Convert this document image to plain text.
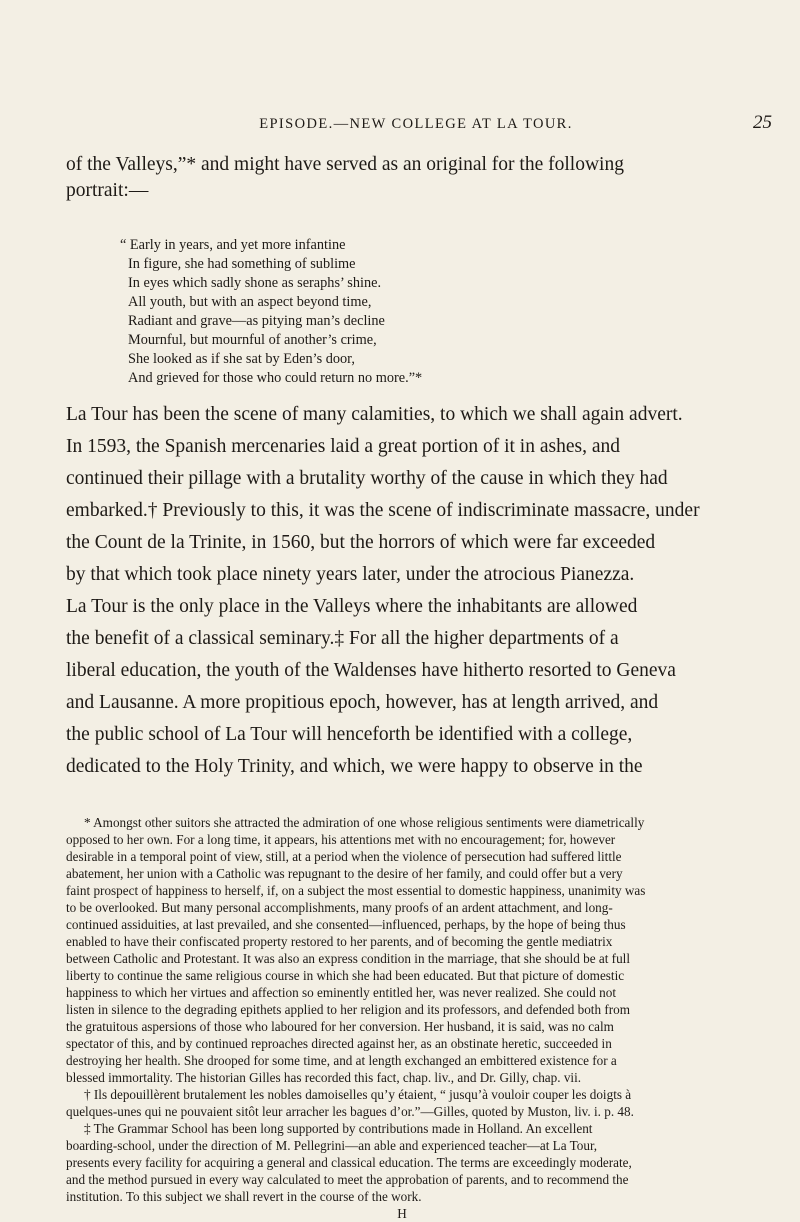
EPISODE.—NEW COLLEGE AT LA TOUR.	25
of the Valleys,”* and might have served as an original for the following
portrait:—
“ Early in years, and yet more infantine
In figure, she had something of sublime
In eyes which sadly shone as seraphs’ shine.
All youth, but with an aspect beyond time,
Radiant and grave—as pitying man’s decline
Mournful, but mournful of another’s crime,
She looked as if she sat by Eden’s door,
And grieved for those who could return no more.”*
La Tour has been the scene of many calamities, to which we shall again advert.
In 1593, the Spanish mercenaries laid a great portion of it in ashes, and
continued their pillage with a brutality worthy of the cause in which they had
embarked.† Previously to this, it was the scene of indiscriminate massacre, under
the Count de la Trinite, in 1560, but the horrors of which were far exceeded
by that which took place ninety years later, under the atrocious Pianezza.
La Tour is the only place in the Valleys where the inhabitants are allowed
the benefit of a classical seminary.‡ For all the higher departments of a
liberal education, the youth of the Waldenses have hitherto resorted to Geneva
and Lausanne. A more propitious epoch, however, has at length arrived, and
the public school of La Tour will henceforth be identified with a college,
dedicated to the Holy Trinity, and which, we were happy to observe in the
* Amongst other suitors she attracted the admiration of one whose religious sentiments were diametrically
opposed to her own. For a long time, it appears, his attentions met with no encouragement; for, however
desirable in a temporal point of view, still, at a period when the violence of persecution had suffered little
abatement, her union with a Catholic was repugnant to the desire of her family, and could offer but a very
faint prospect of happiness to herself, if, on a subject the most essential to domestic happiness, unanimity was
to be overlooked. But many personal accomplishments, many proofs of an ardent attachment, and long-
continued assiduities, at last prevailed, and she consented—influenced, perhaps, by the hope of being thus
enabled to have their confiscated property restored to her parents, and of becoming the gentle mediatrix
between Catholic and Protestant. It was also an express condition in the marriage, that she should be at full
liberty to continue the same religious course in which she had been educated. But that picture of domestic
happiness to which her virtues and affection so eminently entitled her, was never realized. She could not
listen in silence to the degrading epithets applied to her religion and its professors, and defended both from
the gratuitous aspersions of those who laboured for her conversion. Her husband, it is said, was no calm
spectator of this, and by continued reproaches directed against her, as an obstinate heretic, succeeded in
destroying her health. She drooped for some time, and at length exchanged an embittered existence for a
blessed immortality. The historian Gilles has recorded this fact, chap. liv., and Dr. Gilly, chap. vii.
† Ils depouillèrent brutalement les nobles damoiselles qu’y étaient, “ jusqu’à vouloir couper les doigts à
quelques-unes qui ne pouvaient sitôt leur arracher les bagues d’or.”—Gilles, quoted by Muston, liv. i. p. 48.
‡ The Grammar School has been long supported by contributions made in Holland. An excellent
boarding-school, under the direction of M. Pellegrini—an able and experienced teacher—at La Tour,
presents every facility for acquiring a general and classical education. The terms are exceedingly moderate,
and the method pursued in every way calculated to meet the approbation of parents, and to recommend the
institution. To this subject we shall revert in the course of the work.
H
